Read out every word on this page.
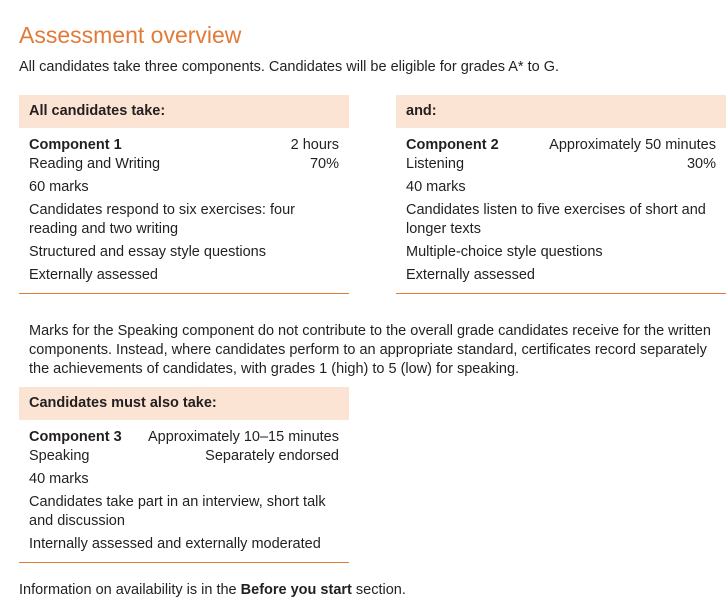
Assessment overview

All candidates take three components. Candidates will be eligible for grades A* to G.

All candidates take:
Component 1	2 hours
Reading and Writing	70%
60 marks
Candidates respond to six exercises: four reading and two writing
Structured and essay style questions
Externally assessed
and:
Component 2	Approximately 50 minutes
Listening	30%
40 marks
Candidates listen to five exercises of short and longer texts
Multiple-choice style questions
Externally assessed

Marks for the Speaking component do not contribute to the overall grade candidates receive for the written components. Instead, where candidates perform to an appropriate standard, certificates record separately the achievements of candidates, with grades 1 (high) to 5 (low) for speaking.

Candidates must also take:
Component 3 Approximately 10–15 minutes
Speaking	Separately endorsed
40 marks
Candidates take part in an interview, short talk and discussion
Internally assessed and externally moderated

Information on availability is in the Before you start section.
